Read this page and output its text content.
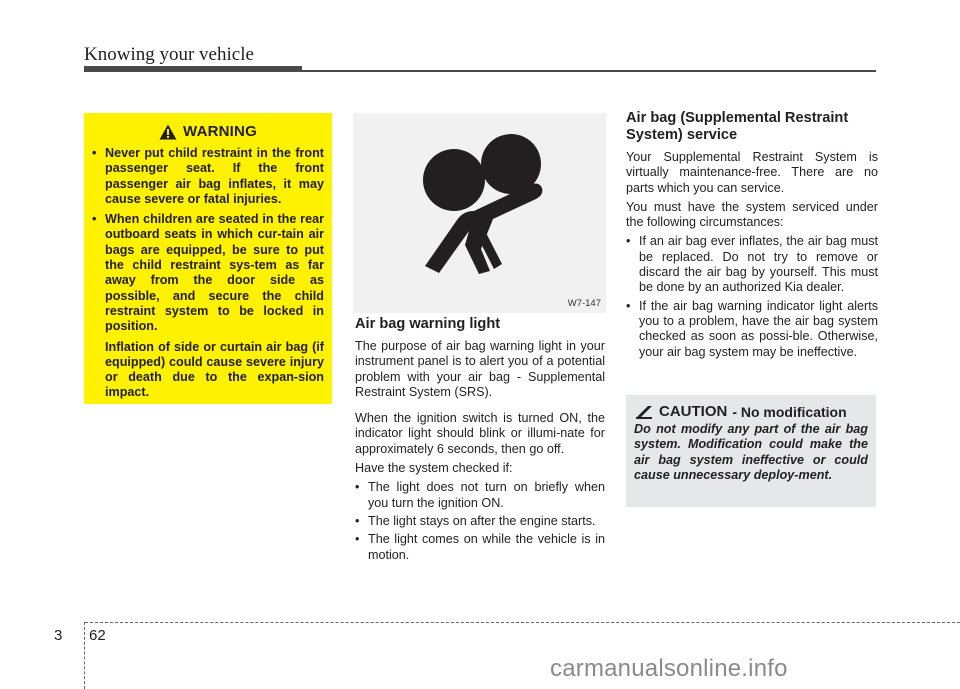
Knowing your vehicle
WARNING
• Never put child restraint in the front passenger seat. If the front passenger air bag inflates, it may cause severe or fatal injuries.
• When children are seated in the rear outboard seats in which cur-tain air bags are equipped, be sure to put the child restraint sys-tem as far away from the door side as possible, and secure the child restraint system to be locked in position.

Inflation of side or curtain air bag (if equipped) could cause severe injury or death due to the expan-sion impact.

W7-147
Air bag warning light

The purpose of air bag warning light in your instrument panel is to alert you of a potential problem with your air bag - Supplemental Restraint System (SRS).

When the ignition switch is turned ON, the indicator light should blink or illumi-nate for approximately 6 seconds, then go off.

Have the system checked if:

• The light does not turn on briefly when you turn the ignition ON.
• The light stays on after the engine starts.
• The light comes on while the vehicle is in motion.
Air bag (Supplemental Restraint System) service

Your Supplemental Restraint System is virtually maintenance-free. There are no parts which you can service.

You must have the system serviced under the following circumstances:

• If an air bag ever inflates, the air bag must be replaced. Do not try to remove or discard the air bag by yourself. This must be done by an authorized Kia dealer.
• If the air bag warning indicator light alerts you to a problem, have the air bag system checked as soon as possi-ble. Otherwise, your air bag system may be ineffective.
CAUTION - No modification

Do not modify any part of the air bag system. Modification could make the air bag system ineffective or could cause unnecessary deploy-ment.

3 62
carmanualsonline.info
